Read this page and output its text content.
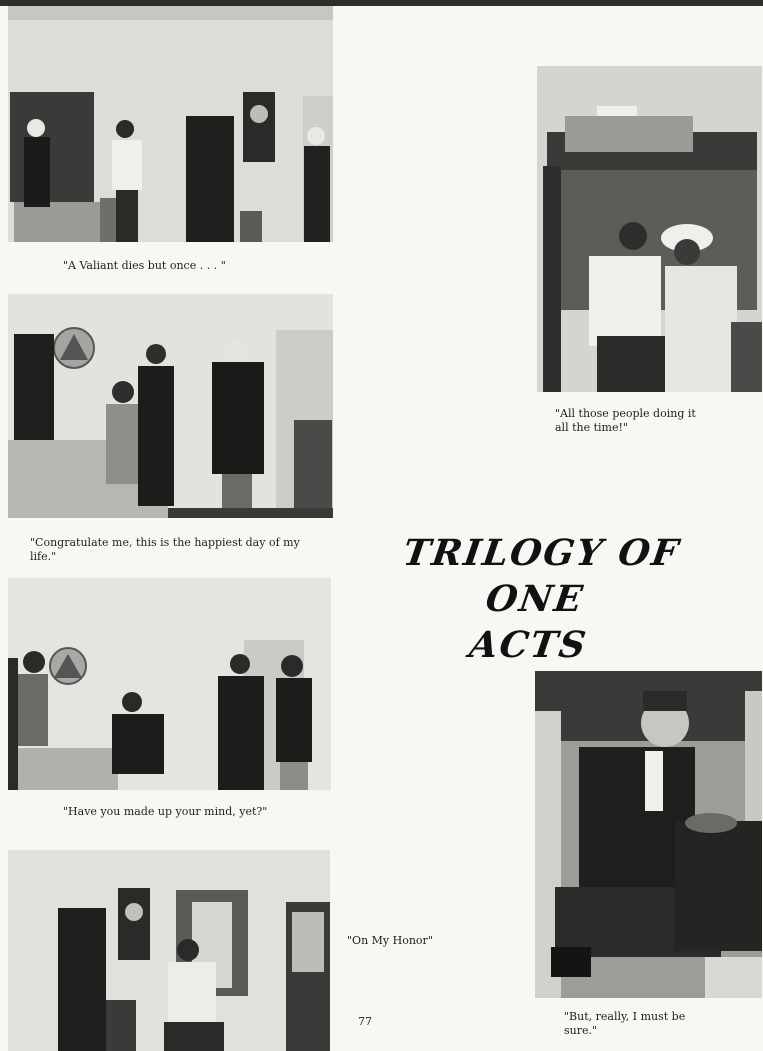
"A Valiant dies but once . . . "
"Congratulate me, this is the happiest day of my
life."
"Have you made up your mind, yet?"
"On My Honor"
"All those people doing it
all the time!"
"But, really, I must be
sure."
TRILOGY OF ONE
ACTS
77
